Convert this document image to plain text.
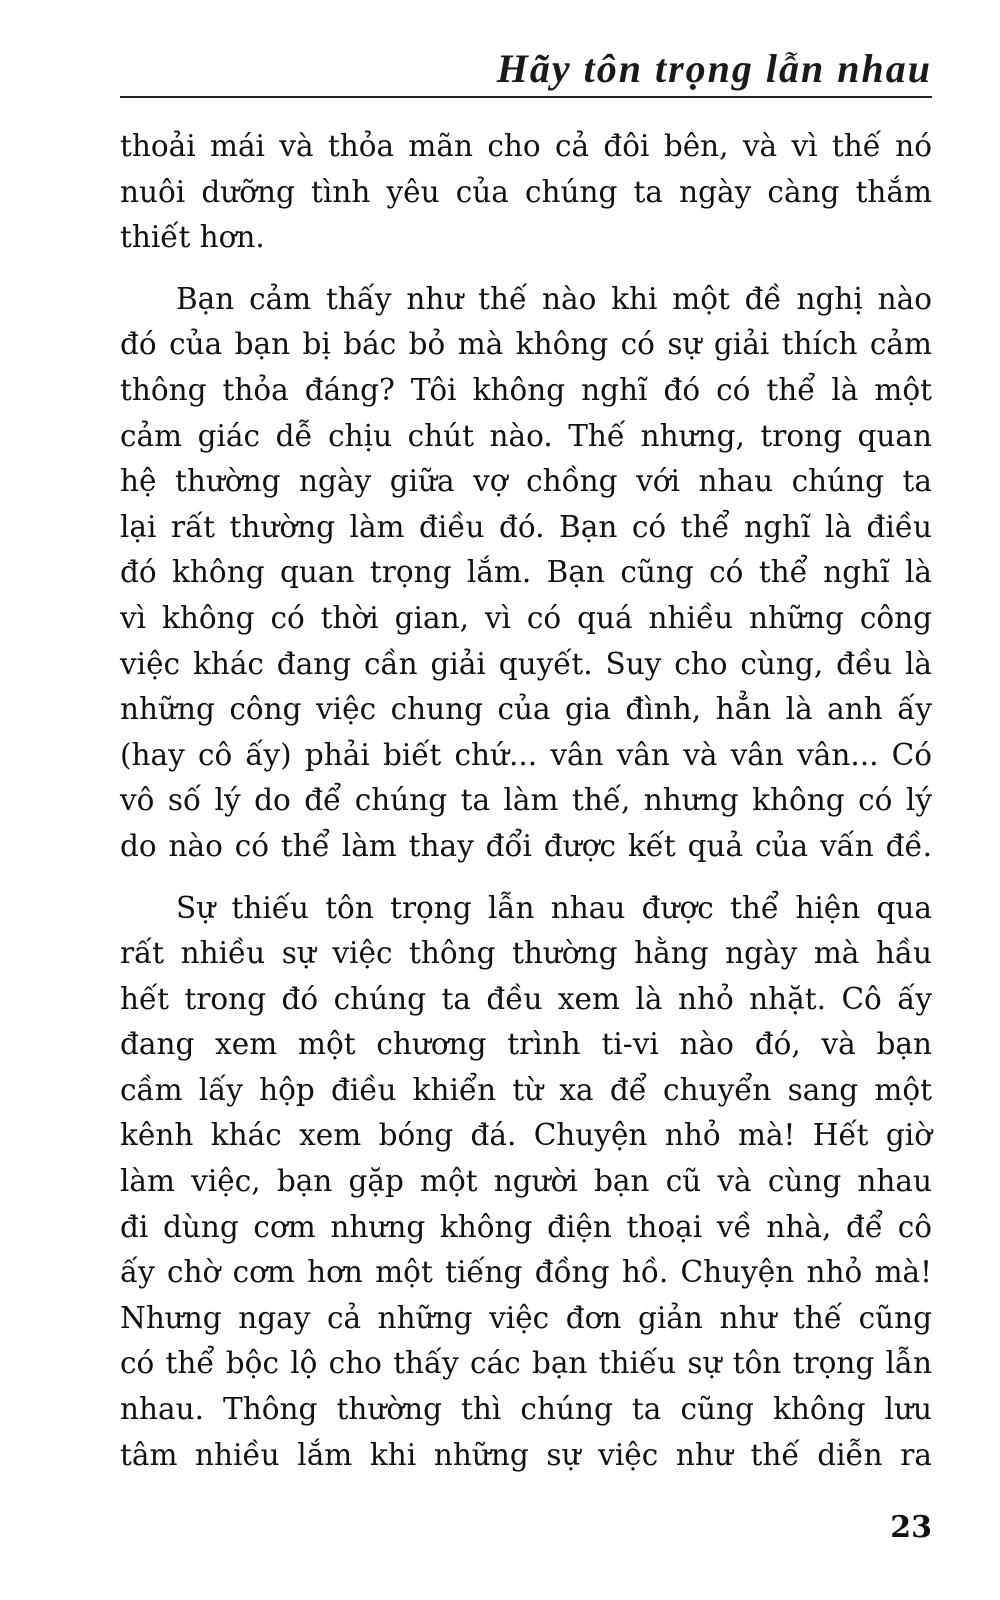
Hãy tôn trọng lẫn nhau
thoải mái và thỏa mãn cho cả đôi bên, và vì thế nó
nuôi dưỡng tình yêu của chúng ta ngày càng thắm
thiết hơn.
Bạn cảm thấy như thế nào khi một đề nghị nào
đó của bạn bị bác bỏ mà không có sự giải thích cảm
thông thỏa đáng? Tôi không nghĩ đó có thể là một
cảm giác dễ chịu chút nào. Thế nhưng, trong quan
hệ thường ngày giữa vợ chồng với nhau chúng ta
lại rất thường làm điều đó. Bạn có thể nghĩ là điều
đó không quan trọng lắm. Bạn cũng có thể nghĩ là
vì không có thời gian, vì có quá nhiều những công
việc khác đang cần giải quyết. Suy cho cùng, đều là
những công việc chung của gia đình, hẳn là anh ấy
(hay cô ấy) phải biết chứ... vân vân và vân vân... Có
vô số lý do để chúng ta làm thế, nhưng không có lý
do nào có thể làm thay đổi được kết quả của vấn đề.
Sự thiếu tôn trọng lẫn nhau được thể hiện qua
rất nhiều sự việc thông thường hằng ngày mà hầu
hết trong đó chúng ta đều xem là nhỏ nhặt. Cô ấy
đang xem một chương trình ti-vi nào đó, và bạn
cầm lấy hộp điều khiển từ xa để chuyển sang một
kênh khác xem bóng đá. Chuyện nhỏ mà! Hết giờ
làm việc, bạn gặp một người bạn cũ và cùng nhau
đi dùng cơm nhưng không điện thoại về nhà, để cô
ấy chờ cơm hơn một tiếng đồng hồ. Chuyện nhỏ mà!
Nhưng ngay cả những việc đơn giản như thế cũng
có thể bộc lộ cho thấy các bạn thiếu sự tôn trọng lẫn
nhau. Thông thường thì chúng ta cũng không lưu
tâm nhiều lắm khi những sự việc như thế diễn ra
23
